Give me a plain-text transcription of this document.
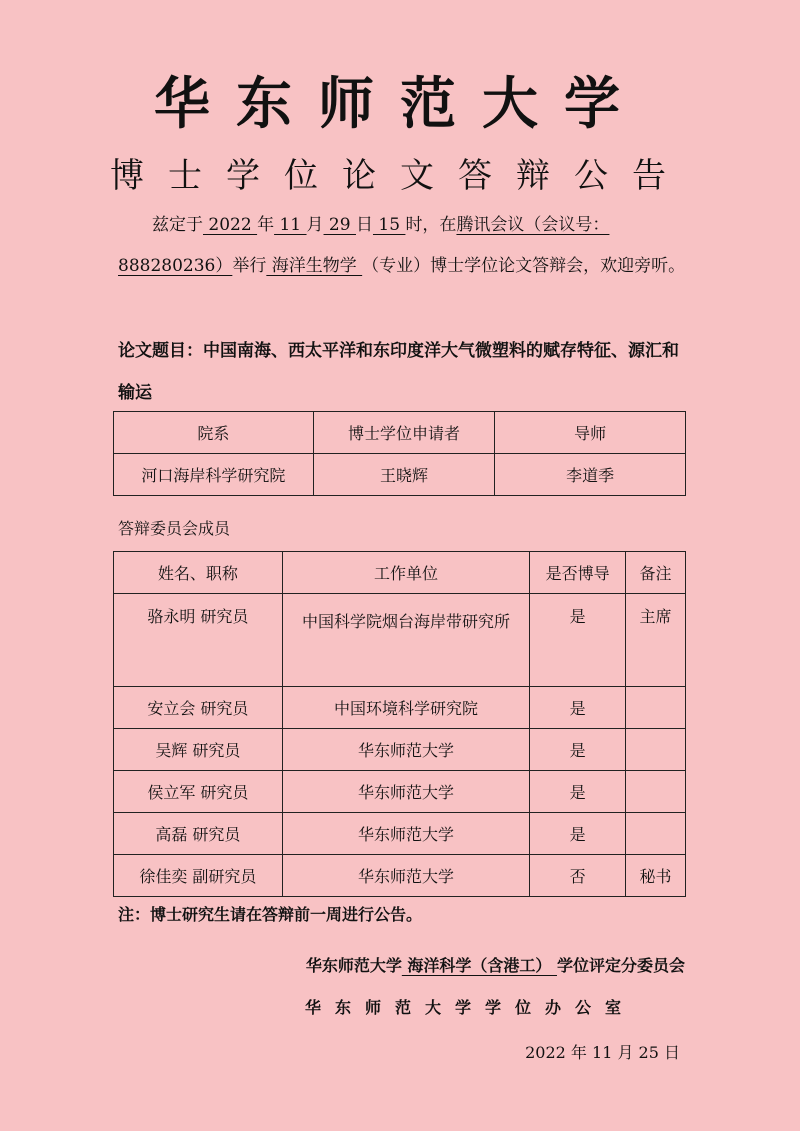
华东师范大学
博士学位论文答辩公告
兹定于 2022 年 11 月 29 日 15 时，在腾讯会议（会议号：888280236）举行 海洋生物学 （专业）博士学位论文答辩会，欢迎旁听。
论文题目：中国南海、西太平洋和东印度洋大气微塑料的赋存特征、源汇和输运
院系	博士学位申请者	导师
河口海岸科学研究院	王晓辉	李道季
答辩委员会成员
姓名、职称	工作单位	是否博导	备注
骆永明 研究员	中国科学院烟台海岸带研究所	是	主席
安立会 研究员	中国环境科学研究院	是	
吴辉 研究员	华东师范大学	是	
侯立军 研究员	华东师范大学	是	
高磊 研究员	华东师范大学	是	
徐佳奕 副研究员	华东师范大学	否	秘书
注：博士研究生请在答辩前一周进行公告。
华东师范大学 海洋科学（含港工） 学位评定分委员会
华东师范大学学位办公室
2022 年 11 月 25 日
